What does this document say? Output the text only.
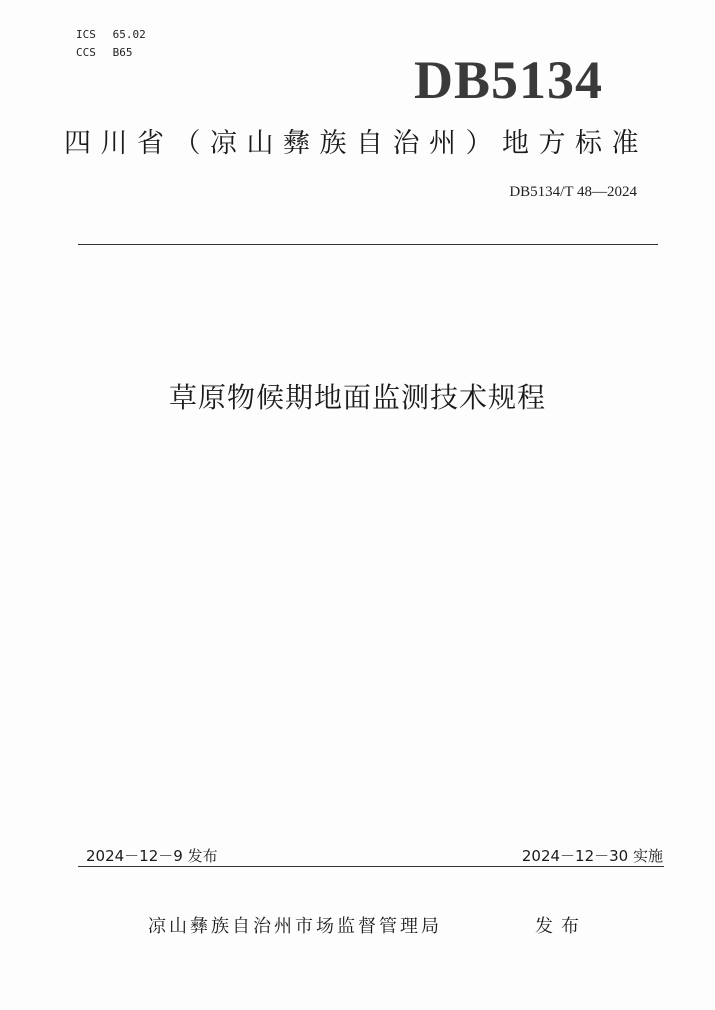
ICS 65.02
CCS B65	DB5134
四川省（凉山彝族自治州）地方标准
DB5134/T 48—2024
草原物候期地面监测技术规程
2024－12－9 发布	2024－12－30 实施
凉山彝族自治州市场监督管理局	发布
